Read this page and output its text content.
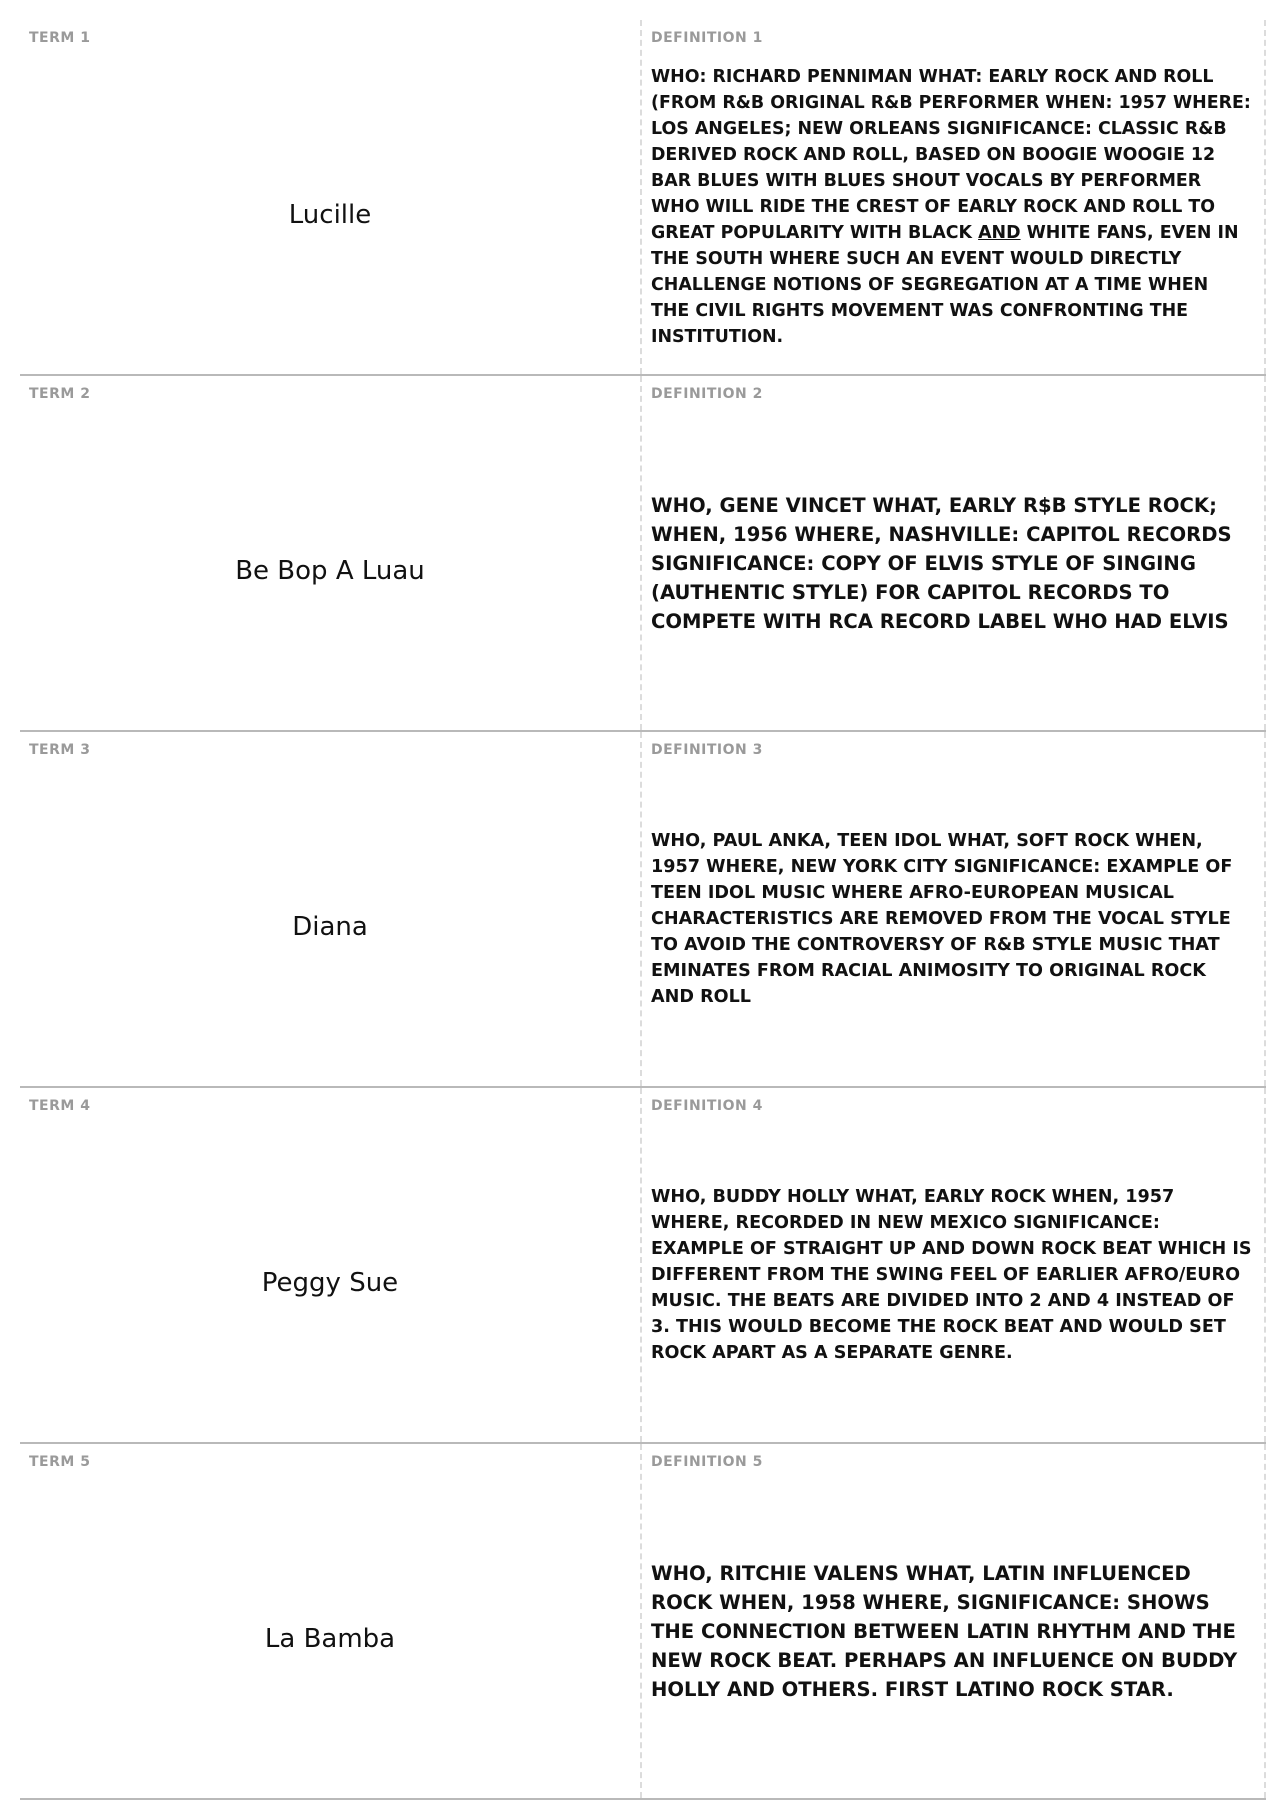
TERM 1
Lucille
DEFINITION 1

WHO: RICHARD PENNIMAN WHAT: EARLY ROCK AND ROLL (FROM R&B ORIGINAL R&B PERFORMER WHEN: 1957 WHERE: LOS ANGELES; NEW ORLEANS SIGNIFICANCE: CLASSIC R&B DERIVED ROCK AND ROLL, BASED ON BOOGIE WOOGIE 12 BAR BLUES WITH BLUES SHOUT VOCALS BY PERFORMER WHO WILL RIDE THE CREST OF EARLY ROCK AND ROLL TO GREAT POPULARITY WITH BLACK AND WHITE FANS, EVEN IN THE SOUTH WHERE SUCH AN EVENT WOULD DIRECTLY CHALLENGE NOTIONS OF SEGREGATION AT A TIME WHEN THE CIVIL RIGHTS MOVEMENT WAS CONFRONTING THE INSTITUTION.

TERM 2
Be Bop A Luau
DEFINITION 2

WHO, GENE VINCET WHAT, EARLY R$B STYLE ROCK; WHEN, 1956 WHERE, NASHVILLE: CAPITOL RECORDS SIGNIFICANCE: COPY OF ELVIS STYLE OF SINGING (AUTHENTIC STYLE) FOR CAPITOL RECORDS TO COMPETE WITH RCA RECORD LABEL WHO HAD ELVIS

TERM 3
Diana
DEFINITION 3

WHO, PAUL ANKA, TEEN IDOL WHAT, SOFT ROCK WHEN, 1957 WHERE, NEW YORK CITY SIGNIFICANCE: EXAMPLE OF TEEN IDOL MUSIC WHERE AFRO-EUROPEAN MUSICAL CHARACTERISTICS ARE REMOVED FROM THE VOCAL STYLE TO AVOID THE CONTROVERSY OF R&B STYLE MUSIC THAT EMINATES FROM RACIAL ANIMOSITY TO ORIGINAL ROCK AND ROLL

TERM 4
Peggy Sue
DEFINITION 4

WHO, BUDDY HOLLY WHAT, EARLY ROCK WHEN, 1957 WHERE, RECORDED IN NEW MEXICO SIGNIFICANCE: EXAMPLE OF STRAIGHT UP AND DOWN ROCK BEAT WHICH IS DIFFERENT FROM THE SWING FEEL OF EARLIER AFRO/EURO MUSIC. THE BEATS ARE DIVIDED INTO 2 AND 4 INSTEAD OF 3. THIS WOULD BECOME THE ROCK BEAT AND WOULD SET ROCK APART AS A SEPARATE GENRE.

TERM 5
La Bamba
DEFINITION 5

WHO, RITCHIE VALENS WHAT, LATIN INFLUENCED ROCK WHEN, 1958 WHERE, SIGNIFICANCE: SHOWS THE CONNECTION BETWEEN LATIN RHYTHM AND THE NEW ROCK BEAT. PERHAPS AN INFLUENCE ON BUDDY HOLLY AND OTHERS. FIRST LATINO ROCK STAR.
